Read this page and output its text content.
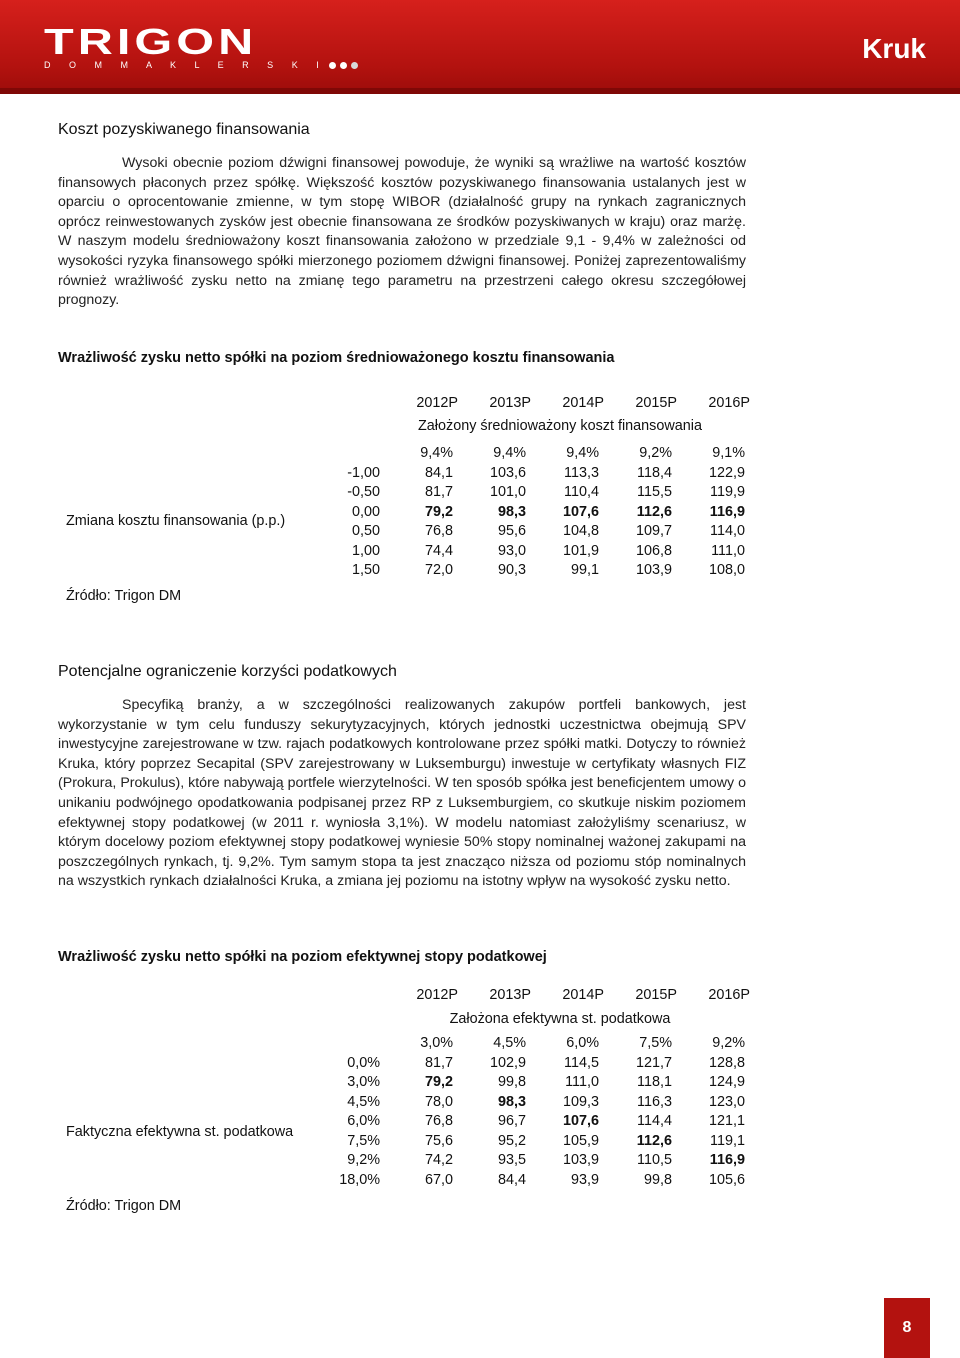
TRIGON
D O M M A K L E R S K I
Kruk
Koszt pozyskiwanego finansowania

Wysoki obecnie poziom dźwigni finansowej powoduje, że wyniki są wrażliwe na wartość kosztów finansowych płaconych przez spółkę. Większość kosztów pozyskiwanego finansowania ustalanych jest w oparciu o oprocentowanie zmienne, w tym stopę WIBOR (działalność grupy na rynkach zagranicznych oprócz reinwestowanych zysków jest obecnie finansowana ze środków pozyskiwanych w kraju) oraz marżę. W naszym modelu średnioważony koszt finansowania założono w przedziale 9,1 - 9,4% w zależności od wysokości ryzyka finansowego spółki mierzonego poziomem dźwigni finansowej. Poniżej zaprezentowaliśmy również wrażliwość zysku netto na zmianę tego parametru na przestrzeni całego okresu szczegółowej prognozy.

Wrażliwość zysku netto spółki na poziom średnioważonego kosztu finansowania
2012P	2013P	2014P	2015P	2016P
Założony średnioważony koszt finansowania
9,4%	9,4%	9,4%	9,2%	9,1%
-1,00	84,1	103,6	113,3	118,4	122,9
-0,50	81,7	101,0	110,4	115,5	119,9
0,00	79,2	98,3	107,6	112,6	116,9
0,50	76,8	95,6	104,8	109,7	114,0
1,00	74,4	93,0	101,9	106,8	111,0
1,50	72,0	90,3	99,1	103,9	108,0
Zmiana kosztu finansowania (p.p.)
Źródło: Trigon DM
Potencjalne ograniczenie korzyści podatkowych

Specyfiką branży, a w szczególności realizowanych zakupów portfeli bankowych, jest wykorzystanie w tym celu funduszy sekurytyzacyjnych, których jednostki uczestnictwa obejmują SPV inwestycyjne zarejestrowane w tzw. rajach podatkowych kontrolowane przez spółki matki. Dotyczy to również Kruka, który poprzez Secapital (SPV zarejestrowany w Luksemburgu) inwestuje w certyfikaty własnych FIZ (Prokura, Prokulus), które nabywają portfele wierzytelności. W ten sposób spółka jest beneficjentem umowy o unikaniu podwójnego opodatkowania podpisanej przez RP z Luksemburgiem, co skutkuje niskim poziomem efektywnej stopy podatkowej (w 2011 r. wyniosła 3,1%). W modelu natomiast założyliśmy scenariusz, w którym docelowy poziom efektywnej stopy podatkowej wyniesie 50% stopy nominalnej ważonej zakupami na poszczególnych rynkach, tj. 9,2%. Tym samym stopa ta jest znacząco niższa od poziomu stóp nominalnych na wszystkich rynkach działalności Kruka, a zmiana jej poziomu na istotny wpływ na wysokość zysku netto.

Wrażliwość zysku netto spółki na poziom efektywnej stopy podatkowej
2012P	2013P	2014P	2015P	2016P
Założona efektywna st. podatkowa
3,0%	4,5%	6,0%	7,5%	9,2%
0,0%	81,7	102,9	114,5	121,7	128,8
3,0%	79,2	99,8	111,0	118,1	124,9
4,5%	78,0	98,3	109,3	116,3	123,0
6,0%	76,8	96,7	107,6	114,4	121,1
7,5%	75,6	95,2	105,9	112,6	119,1
9,2%	74,2	93,5	103,9	110,5	116,9
18,0%	67,0	84,4	93,9	99,8	105,6
Faktyczna efektywna st. podatkowa
Źródło: Trigon DM
8
